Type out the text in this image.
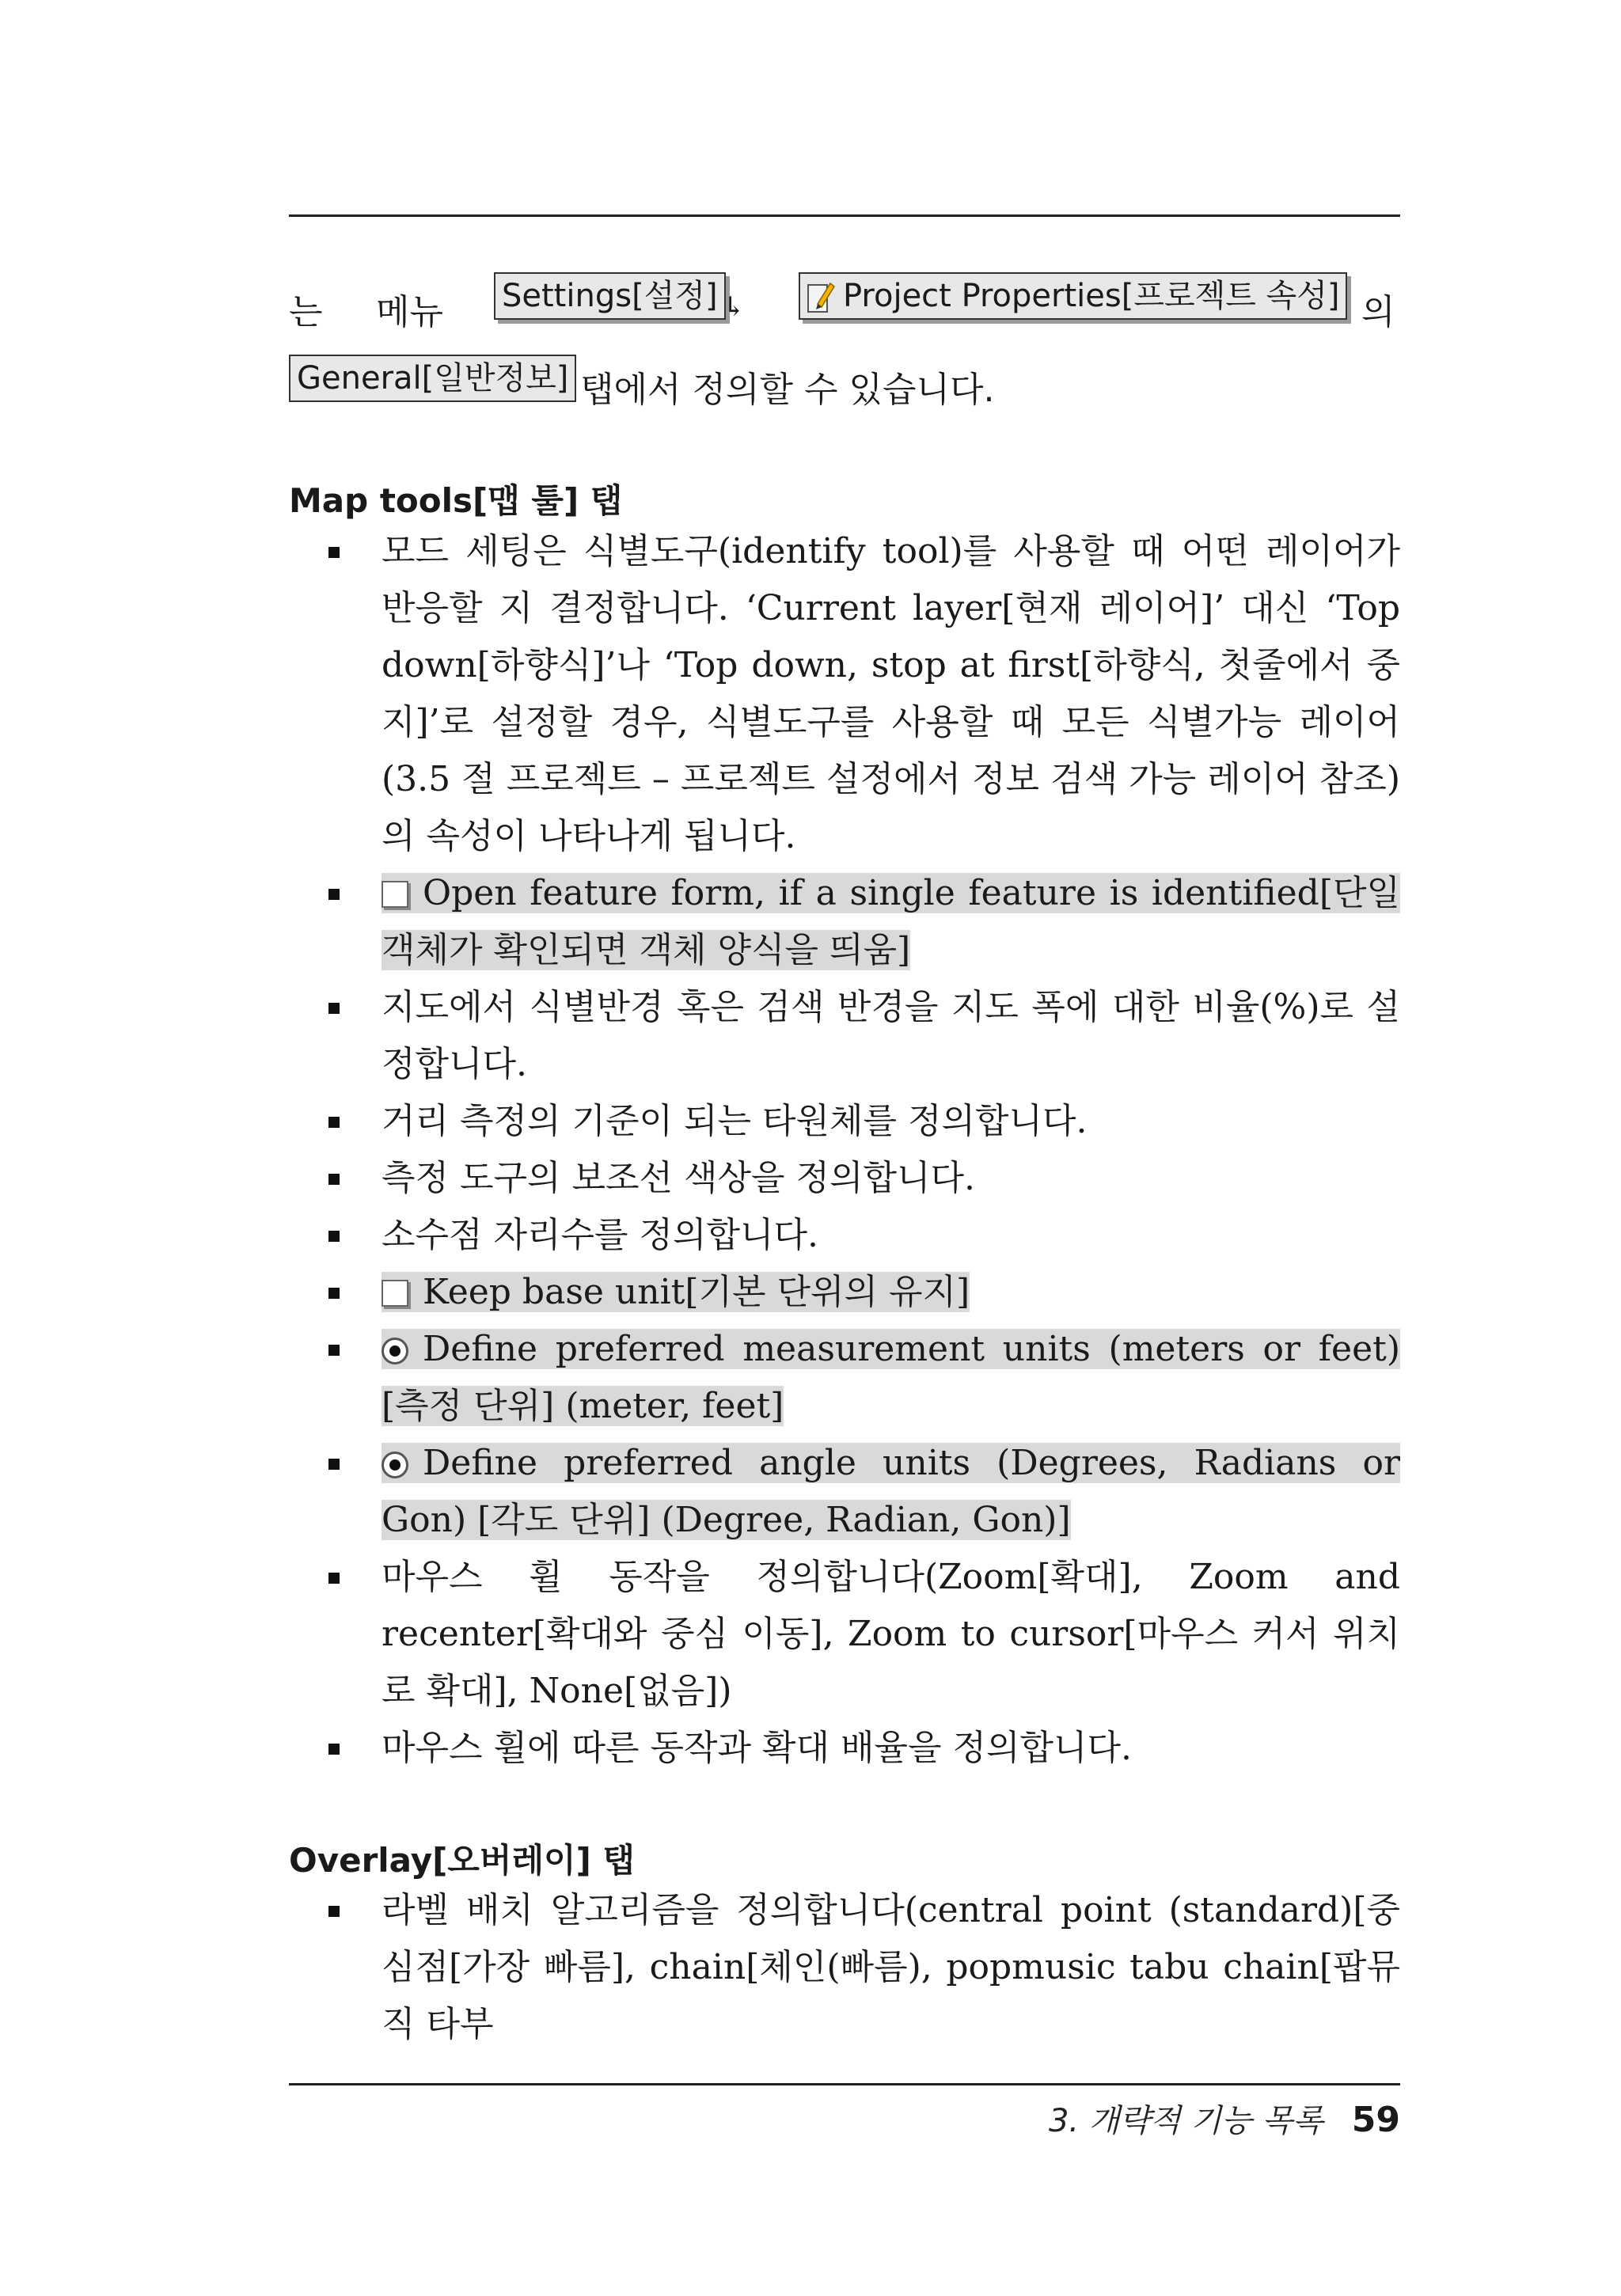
는 메뉴 Settings[설정] ↳	Project Properties[프로젝트 속성] 의
General[일반정보] 탭에서 정의할 수 있습니다.
Map tools[맵 툴] 탭
모드 세팅은 식별도구(identify tool)를 사용할 때 어떤 레이어가 반응할 지 결정합니다. ‘Current layer[현재 레이어]’ 대신 ‘Top down[하향식]’나 ‘Top down, stop at first[하향식, 첫줄에서 중지]’로 설정할 경우, 식별도구를 사용할 때 모든 식별가능 레이어(3.5 절 프로젝트 – 프로젝트 설정에서 정보 검색 가능 레이어 참조)의 속성이 나타나게 됩니다.
Open feature form, if a single feature is identified[단일 객체가 확인되면 객체 양식을 띄움]
지도에서 식별반경 혹은 검색 반경을 지도 폭에 대한 비율(%)로 설정합니다.
거리 측정의 기준이 되는 타원체를 정의합니다.
측정 도구의 보조선 색상을 정의합니다.
소수점 자리수를 정의합니다.
Keep base unit[기본 단위의 유지]
Define preferred measurement units (meters or feet) [측정 단위] (meter, feet]
Define preferred angle units (Degrees, Radians or Gon) [각도 단위] (Degree, Radian, Gon)]
마우스 휠 동작을 정의합니다(Zoom[확대], Zoom and recenter[확대와 중심 이동], Zoom to cursor[마우스 커서 위치로 확대], None[없음])
마우스 휠에 따른 동작과 확대 배율을 정의합니다.
Overlay[오버레이] 탭
라벨 배치 알고리즘을 정의합니다(central point (standard)[중심점[가장 빠름], chain[체인(빠름), popmusic tabu chain[팝뮤직 타부
3. 개략적 기능 목록 59
